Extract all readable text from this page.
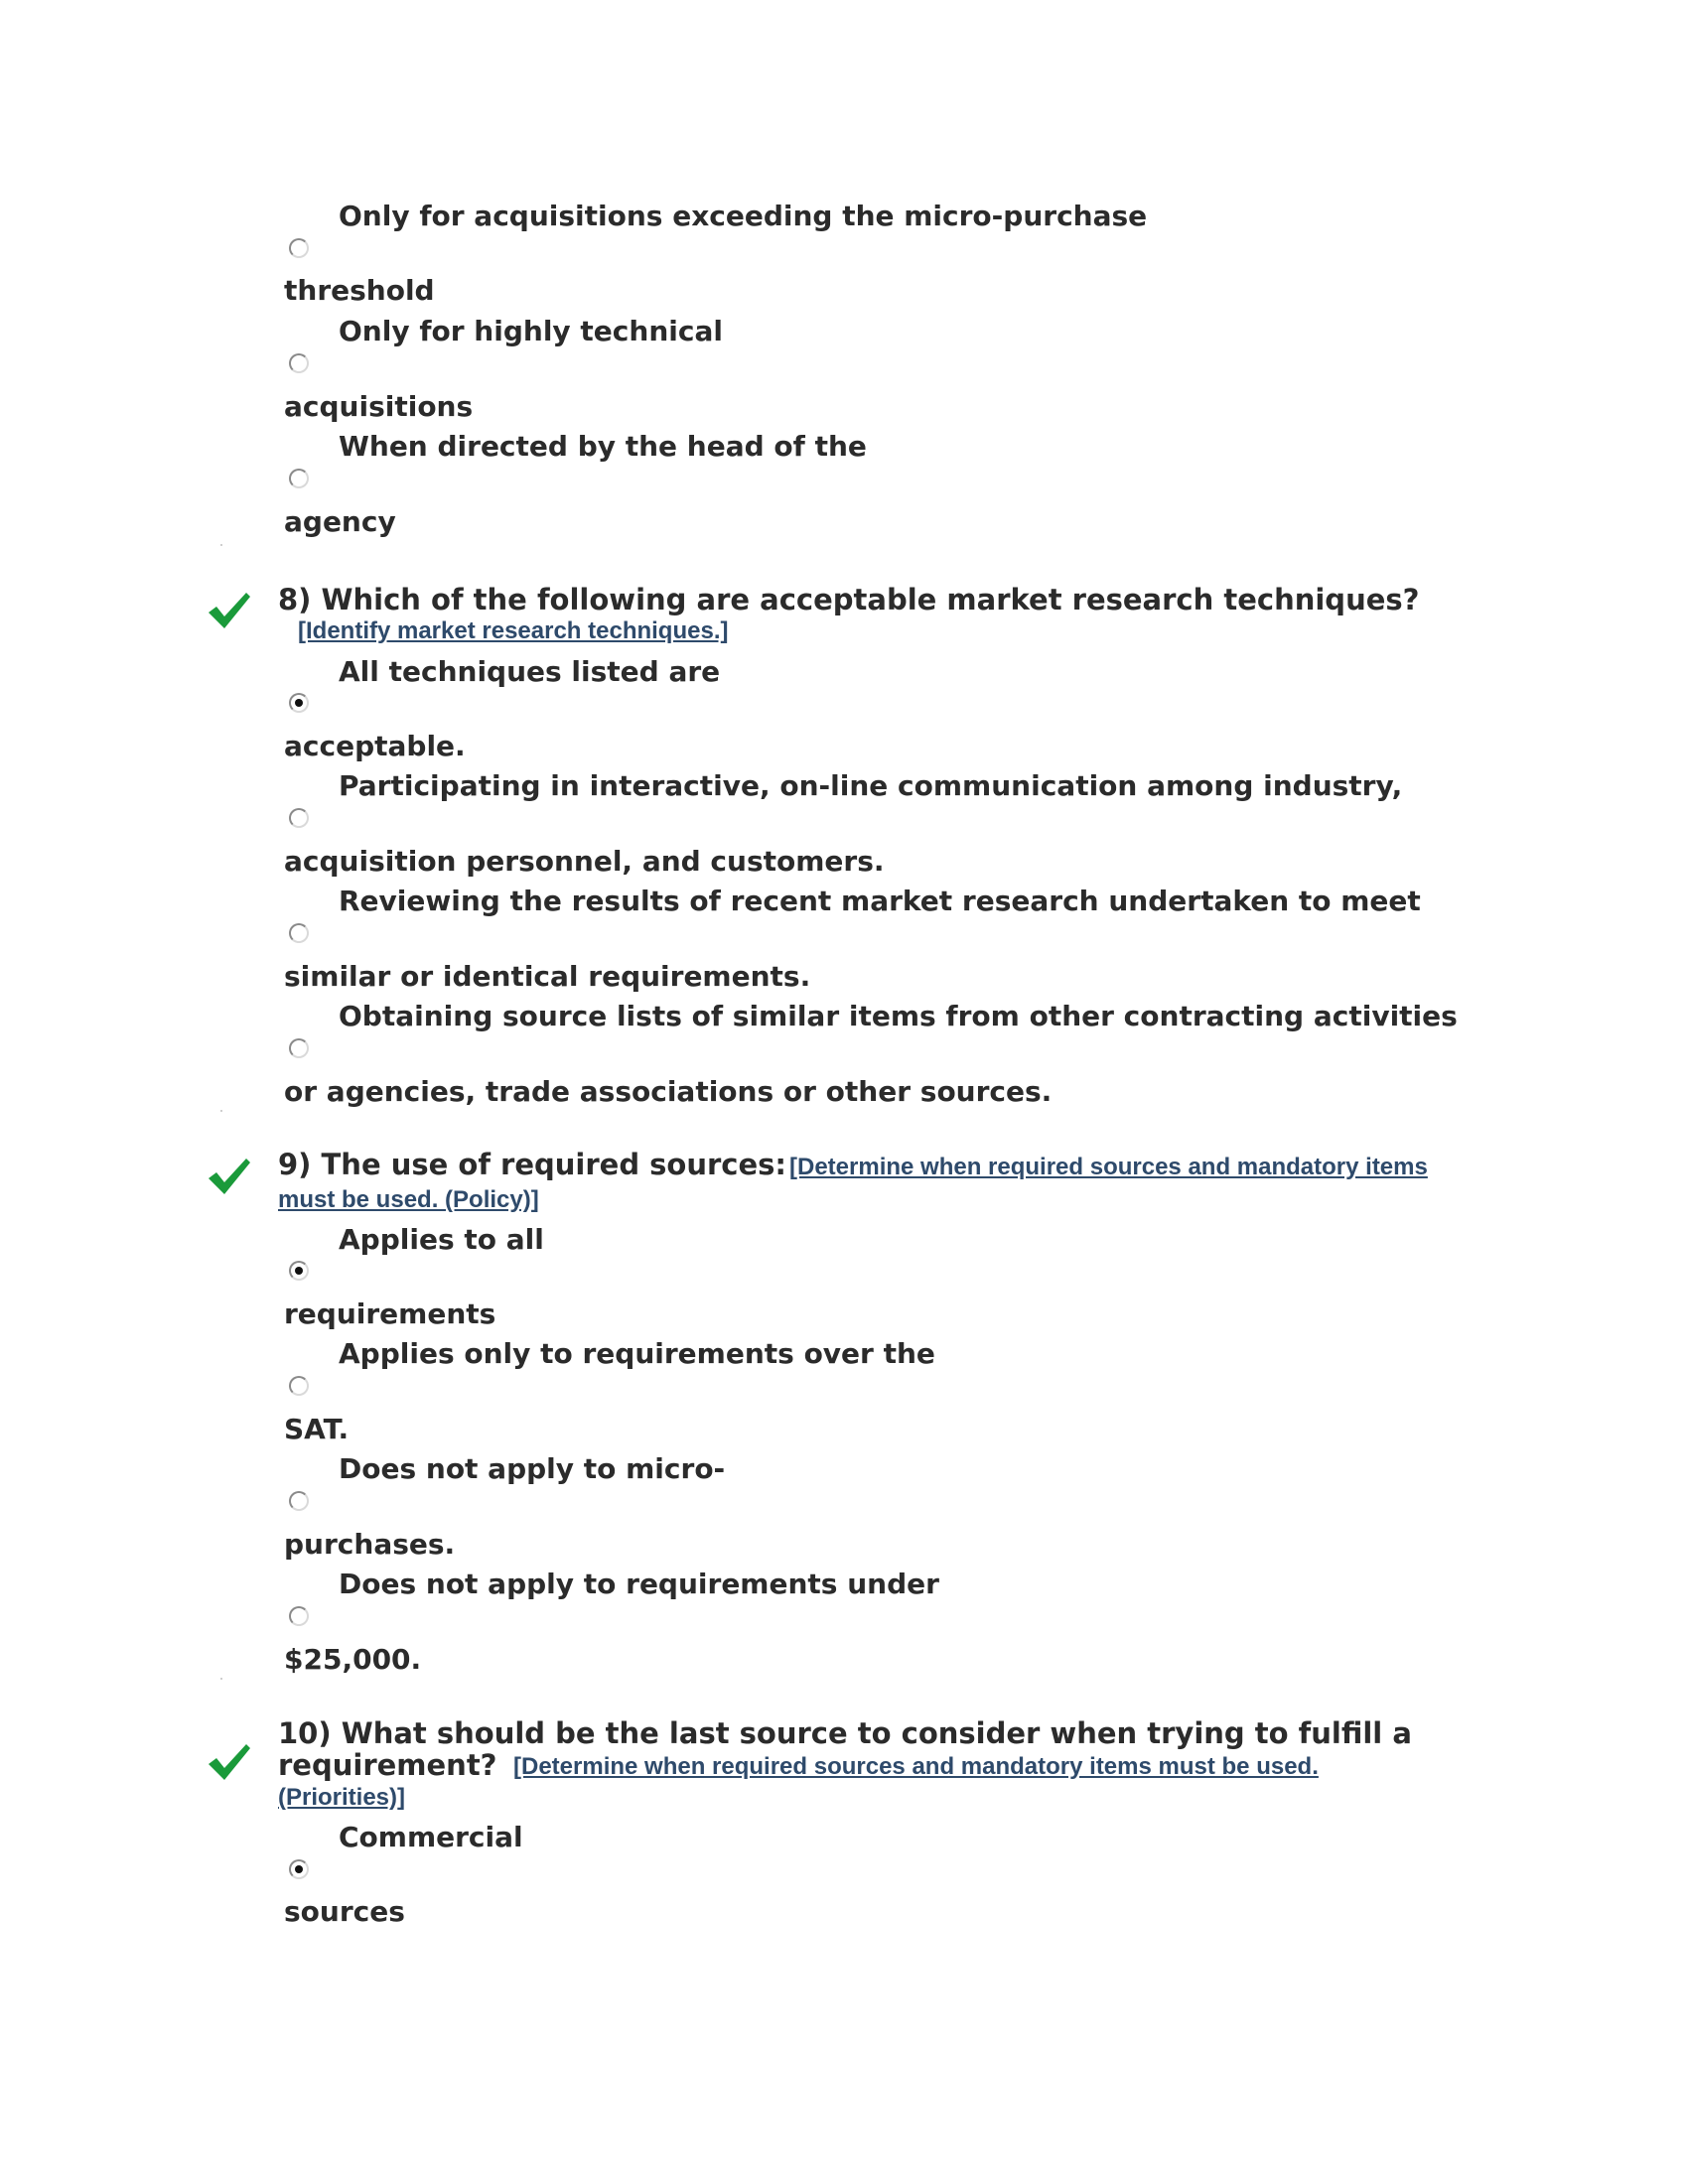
Only for acquisitions exceeding the micro-purchase
threshold
Only for highly technical
acquisitions
When directed by the head of the
agency
8) Which of the following are acceptable market research techniques?
[Identify market research techniques.]
All techniques listed are
acceptable.
Participating in interactive, on-line communication among industry,
acquisition personnel, and customers.
Reviewing the results of recent market research undertaken to meet
similar or identical requirements.
Obtaining source lists of similar items from other contracting activities
or agencies, trade associations or other sources.
9) The use of required sources: [Determine when required sources and mandatory items
must be used. (Policy)]
Applies to all
requirements
Applies only to requirements over the
SAT.
Does not apply to micro-
purchases.
Does not apply to requirements under
$25,000.
10) What should be the last source to consider when trying to fulfill a
requirement? [Determine when required sources and mandatory items must be used.
(Priorities)]
Commercial
sources
